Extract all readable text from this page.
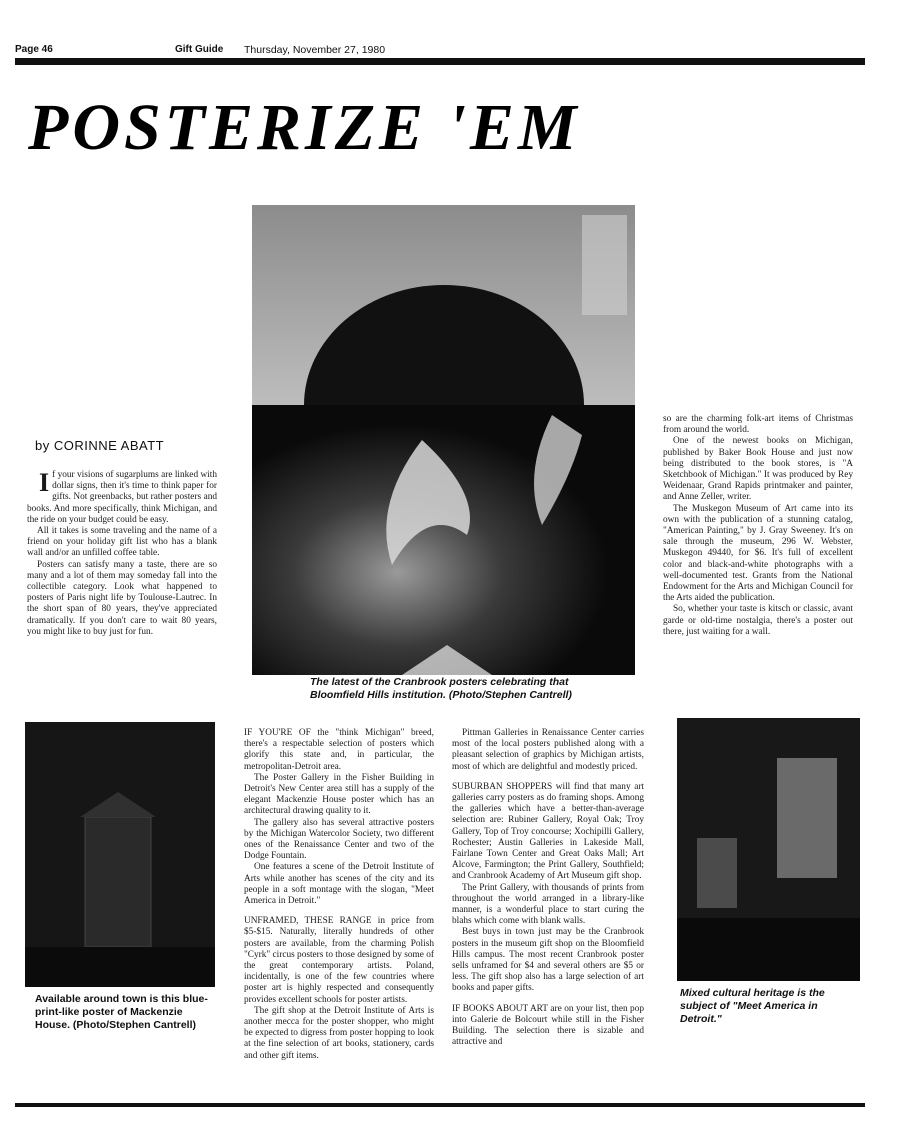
Page 46	Gift Guide Thursday, November 27, 1980
POSTERIZE 'EM
The latest of the Cranbrook posters celebrating that Bloomfield Hills institution. (Photo/Stephen Cantrell)
by CORINNE ABATT

If your visions of sugarplums are linked with dollar signs, then it's time to think paper for gifts. Not greenbacks, but rather posters and books. And more specifically, think Michigan, and the ride on your budget could be easy.

All it takes is some traveling and the name of a friend on your holiday gift list who has a blank wall and/or an unfilled coffee table.

Posters can satisfy many a taste, there are so many and a lot of them may someday fall into the collectible category. Look what happened to posters of Paris night life by Toulouse-Lautrec. In the short span of 80 years, they've appreciated dramatically. If you don't care to wait 80 years, you might like to buy just for fun.

so are the charming folk-art items of Christmas from around the world.

One of the newest books on Michigan, published by Baker Book House and just now being distributed to the book stores, is "A Sketchbook of Michigan." It was produced by Rey Weidenaar, Grand Rapids printmaker and painter, and Anne Zeller, writer.

The Muskegon Museum of Art came into its own with the publication of a stunning catalog, "American Painting," by J. Gray Sweeney. It's on sale through the museum, 296 W. Webster, Muskegon 49440, for $6. It's full of excellent color and black-and-white photographs with a well-documented test. Grants from the National Endowment for the Arts and Michigan Council for the Arts aided the publication.

So, whether your taste is kitsch or classic, avant garde or old-time nostalgia, there's a poster out there, just waiting for a wall.

Available around town is this blue-print-like poster of Mackenzie House. (Photo/Stephen Cantrell)

IF YOU'RE OF the "think Michigan" breed, there's a respectable selection of posters which glorify this state and, in particular, the metropolitan-Detroit area.

The Poster Gallery in the Fisher Building in Detroit's New Center area still has a supply of the elegant Mackenzie House poster which has an architectural drawing quality to it.

The gallery also has several attractive posters by the Michigan Watercolor Society, two different ones of the Renaissance Center and two of the Dodge Fountain.

One features a scene of the Detroit Institute of Arts while another has scenes of the city and its people in a soft montage with the slogan, "Meet America in Detroit."

UNFRAMED, THESE RANGE in price from $5-$15. Naturally, literally hundreds of other posters are available, from the charming Polish "Cyrk" circus posters to those designed by some of the great contemporary artists. Poland, incidentally, is one of the few countries where poster art is highly respected and consequently provides excellent schools for poster artists.

The gift shop at the Detroit Institute of Arts is another mecca for the poster shopper, who might be expected to digress from poster hopping to look at the fine selection of art books, stationery, cards and other gift items.

Pittman Galleries in Renaissance Center carries most of the local posters published along with a pleasant selection of graphics by Michigan artists, most of which are delightful and modestly priced.

SUBURBAN SHOPPERS will find that many art galleries carry posters as do framing shops. Among the galleries which have a better-than-average selection are: Rubiner Gallery, Royal Oak; Troy Gallery, Top of Troy concourse; Xochipilli Gallery, Rochester; Austin Galleries in Lakeside Mall, Fairlane Town Center and Great Oaks Mall; Art Alcove, Farmington; the Print Gallery, Southfield; and Cranbrook Academy of Art Museum gift shop.

The Print Gallery, with thousands of prints from throughout the world arranged in a library-like manner, is a wonderful place to start curing the blahs which come with blank walls.

Best buys in town just may be the Cranbrook posters in the museum gift shop on the Bloomfield Hills campus. The most recent Cranbrook poster sells unframed for $4 and several others are $5 or less. The gift shop also has a large selection of art books and paper gifts.

IF BOOKS ABOUT ART are on your list, then pop into Galerie de Bolcourt while still in the Fisher Building. The selection there is sizable and attractive and

Mixed cultural heritage is the subject of "Meet America in Detroit."
